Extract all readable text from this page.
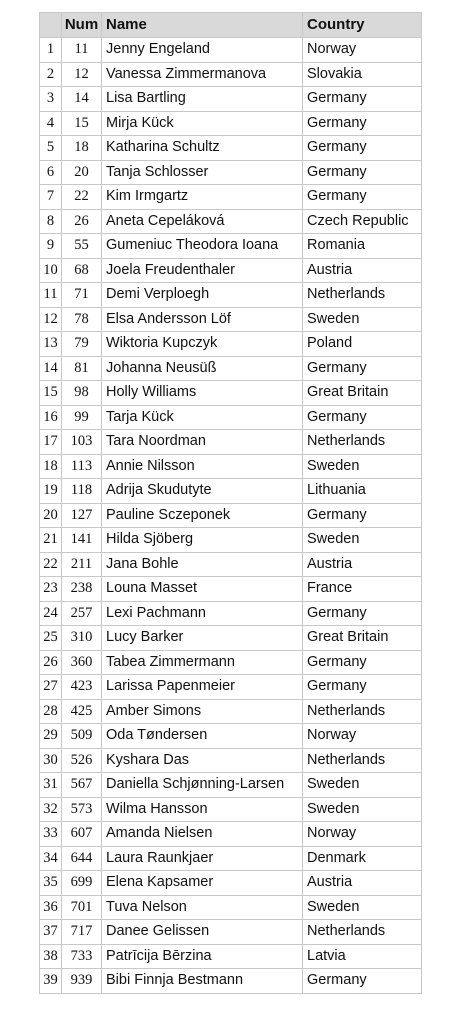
	Num	Name	Country
1	11	Jenny Engeland	Norway
2	12	Vanessa Zimmermanova	Slovakia
3	14	Lisa Bartling	Germany
4	15	Mirja Kück	Germany
5	18	Katharina Schultz	Germany
6	20	Tanja Schlosser	Germany
7	22	Kim Irmgartz	Germany
8	26	Aneta Cepeláková	Czech Republic
9	55	Gumeniuc Theodora Ioana	Romania
10	68	Joela Freudenthaler	Austria
11	71	Demi Verploegh	Netherlands
12	78	Elsa Andersson Löf	Sweden
13	79	Wiktoria Kupczyk	Poland
14	81	Johanna Neusüß	Germany
15	98	Holly Williams	Great Britain
16	99	Tarja Kück	Germany
17	103	Tara Noordman	Netherlands
18	113	Annie Nilsson	Sweden
19	118	Adrija Skudutyte	Lithuania
20	127	Pauline Sczeponek	Germany
21	141	Hilda Sjöberg	Sweden
22	211	Jana Bohle	Austria
23	238	Louna Masset	France
24	257	Lexi Pachmann	Germany
25	310	Lucy Barker	Great Britain
26	360	Tabea Zimmermann	Germany
27	423	Larissa Papenmeier	Germany
28	425	Amber Simons	Netherlands
29	509	Oda Tøndersen	Norway
30	526	Kyshara Das	Netherlands
31	567	Daniella Schjønning-Larsen	Sweden
32	573	Wilma Hansson	Sweden
33	607	Amanda Nielsen	Norway
34	644	Laura Raunkjaer	Denmark
35	699	Elena Kapsamer	Austria
36	701	Tuva Nelson	Sweden
37	717	Danee Gelissen	Netherlands
38	733	Patrīcija Bērzina	Latvia
39	939	Bibi Finnja Bestmann	Germany
